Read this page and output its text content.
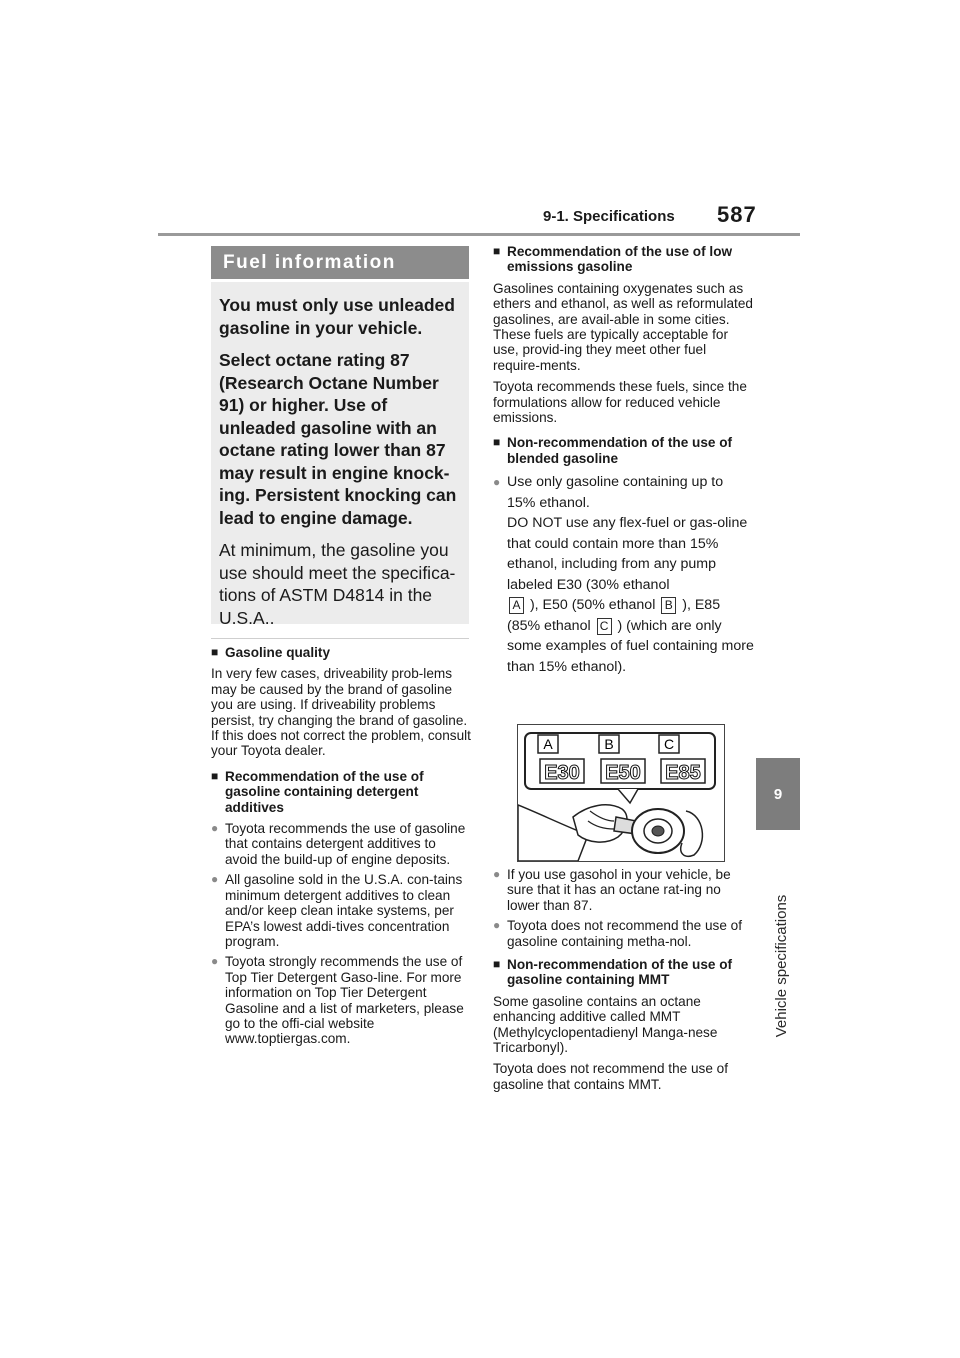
9-1. Specifications 587
9
Vehicle specifications
Fuel information

You must only use unleaded gasoline in your vehicle.

Select octane rating 87 (Research Octane Number 91) or higher. Use of unleaded gasoline with an octane rating lower than 87 may result in engine knock-ing. Persistent knocking can lead to engine damage.

At minimum, the gasoline you use should meet the specifica-tions of ASTM D4814 in the U.S.A..

■ Gasoline quality

In very few cases, driveability prob-lems may be caused by the brand of gasoline you are using. If driveability problems persist, try changing the brand of gasoline. If this does not correct the problem, consult your Toyota dealer.

■ Recommendation of the use of gasoline containing detergent additives
● Toyota recommends the use of gasoline that contains detergent additives to avoid the build-up of engine deposits.
● All gasoline sold in the U.S.A. con-tains minimum detergent additives to clean and/or keep clean intake systems, per EPA’s lowest addi-tives concentration program.
● Toyota strongly recommends the use of Top Tier Detergent Gaso-line. For more information on Top Tier Detergent Gasoline and a list of marketers, please go to the offi-cial website www.toptiergas.com.
■ Recommendation of the use of low emissions gasoline

Gasolines containing oxygenates such as ethers and ethanol, as well as reformulated gasolines, are avail-able in some cities. These fuels are typically acceptable for use, provid-ing they meet other fuel require-ments.

Toyota recommends these fuels, since the formulations allow for reduced vehicle emissions.

■ Non-recommendation of the use of blended gasoline
● Use only gasoline containing up to 15% ethanol.
DO NOT use any flex-fuel or gas-oline that could contain more than 15% ethanol, including from any pump labeled E30 (30% ethanol
A ), E50 (50% ethanol B ), E85 (85% ethanol C ) (which are only some examples of fuel containing more than 15% ethanol).
A	B	C
E30 E50 E85
● If you use gasohol in your vehicle, be sure that it has an octane rat-ing no lower than 87.
● Toyota does not recommend the use of gasoline containing metha-nol.
■ Non-recommendation of the use of gasoline containing MMT

Some gasoline contains an octane enhancing additive called MMT (Methylcyclopentadienyl Manga-nese Tricarbonyl).

Toyota does not recommend the use of gasoline that contains MMT.
